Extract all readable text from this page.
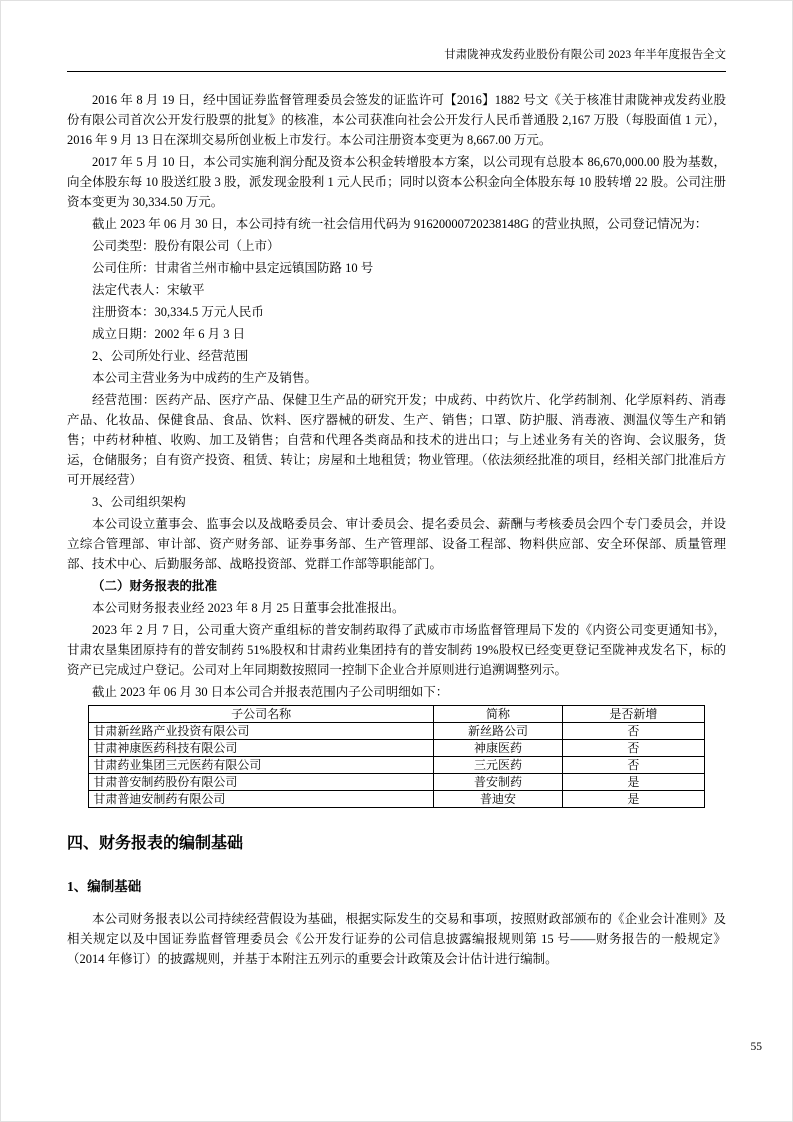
甘肃陇神戎发药业股份有限公司 2023 年半年度报告全文

2016 年 8 月 19 日，经中国证券监督管理委员会签发的证监许可【2016】1882 号文《关于核准甘肃陇神戎发药业股份有限公司首次公开发行股票的批复》的核准，本公司获准向社会公开发行人民币普通股 2,167 万股（每股面值 1 元），2016 年 9 月 13 日在深圳交易所创业板上市发行。本公司注册资本变更为 8,667.00 万元。

2017 年 5 月 10 日，本公司实施利润分配及资本公积金转增股本方案，以公司现有总股本 86,670,000.00 股为基数，向全体股东每 10 股送红股 3 股，派发现金股利 1 元人民币；同时以资本公积金向全体股东每 10 股转增 22 股。公司注册资本变更为 30,334.50 万元。

截止 2023 年 06 月 30 日，本公司持有统一社会信用代码为 91620000720238148G 的营业执照，公司登记情况为：

公司类型：股份有限公司（上市）

公司住所：甘肃省兰州市榆中县定远镇国防路 10 号

法定代表人：宋敏平

注册资本：30,334.5 万元人民币

成立日期：2002 年 6 月 3 日

2、公司所处行业、经营范围

本公司主营业务为中成药的生产及销售。

经营范围：医药产品、医疗产品、保健卫生产品的研究开发；中成药、中药饮片、化学药制剂、化学原料药、消毒产品、化妆品、保健食品、食品、饮料、医疗器械的研发、生产、销售；口罩、防护服、消毒液、测温仪等生产和销售；中药材种植、收购、加工及销售；自营和代理各类商品和技术的进出口；与上述业务有关的咨询、会议服务，货运，仓储服务；自有资产投资、租赁、转让；房屋和土地租赁；物业管理。（依法须经批准的项目，经相关部门批准后方可开展经营）

3、公司组织架构

本公司设立董事会、监事会以及战略委员会、审计委员会、提名委员会、薪酬与考核委员会四个专门委员会，并设立综合管理部、审计部、资产财务部、证券事务部、生产管理部、设备工程部、物料供应部、安全环保部、质量管理部、技术中心、后勤服务部、战略投资部、党群工作部等职能部门。

（二）财务报表的批准

本公司财务报表业经 2023 年 8 月 25 日董事会批准报出。

2023 年 2 月 7 日，公司重大资产重组标的普安制药取得了武威市市场监督管理局下发的《内资公司变更通知书》，甘肃农垦集团原持有的普安制药 51%股权和甘肃药业集团持有的普安制药 19%股权已经变更登记至陇神戎发名下，标的资产已完成过户登记。公司对上年同期数按照同一控制下企业合并原则进行追溯调整列示。

截止 2023 年 06 月 30 日本公司合并报表范围内子公司明细如下：

子公司名称	简称	是否新增
甘肃新丝路产业投资有限公司	新丝路公司	否
甘肃神康医药科技有限公司	神康医药	否
甘肃药业集团三元医药有限公司	三元医药	否
甘肃普安制药股份有限公司	普安制药	是
甘肃普迪安制药有限公司	普迪安	是
四、财务报表的编制基础
1、编制基础

本公司财务报表以公司持续经营假设为基础，根据实际发生的交易和事项，按照财政部颁布的《企业会计准则》及相关规定以及中国证券监督管理委员会《公开发行证券的公司信息披露编报规则第 15 号——财务报告的一般规定》（2014 年修订）的披露规则，并基于本附注五列示的重要会计政策及会计估计进行编制。

55
